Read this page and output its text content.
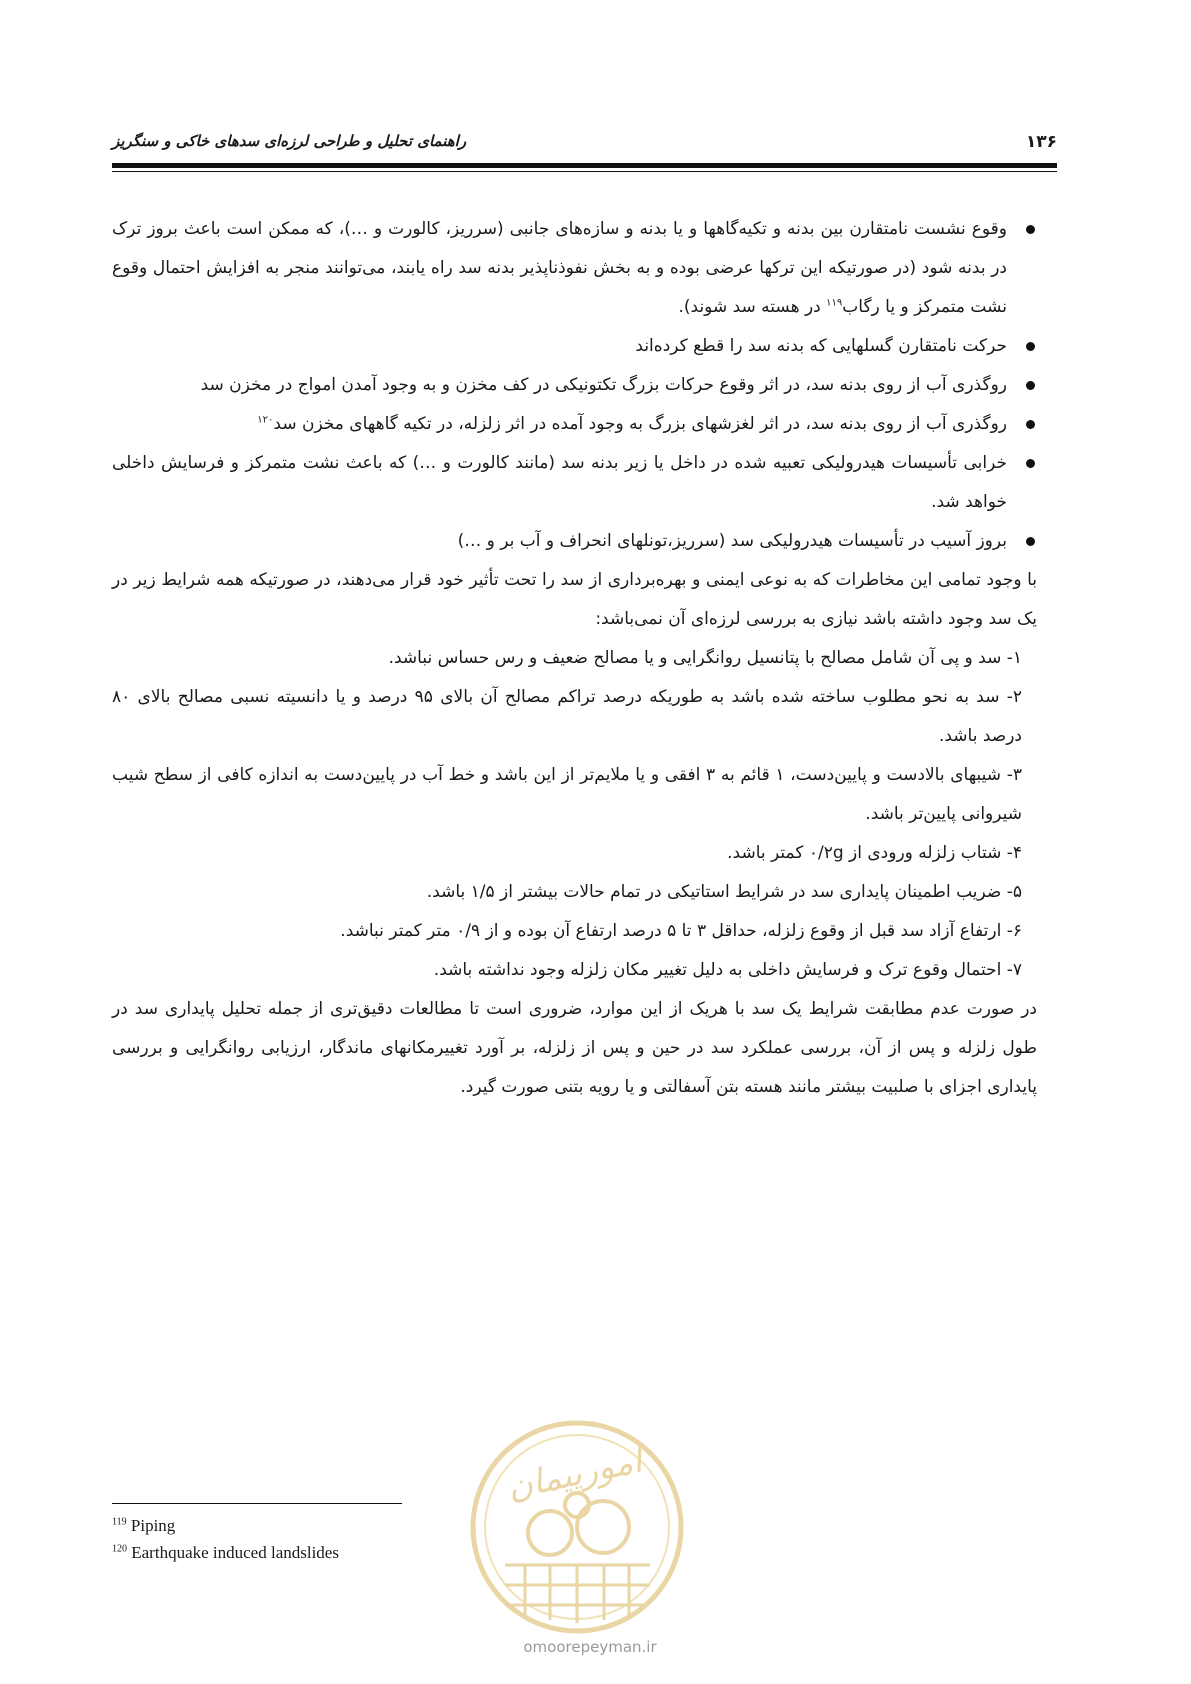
۱۳۶
راهنمای تحلیل و طراحی لرزه‌ای سدهای خاکی و سنگریز
وقوع نشست نامتقارن بین بدنه و تکیه‌گاهها و یا بدنه و سازه‌های جانبی (سرریز، کالورت و …)، که ممکن است باعث بروز ترک در بدنه شود (در صورتیکه این ترکها عرضی بوده و به بخش نفوذناپذیر بدنه سد راه یابند، می‌توانند منجر به افزایش احتمال وقوع نشت متمرکز و یا رگاب$^{۱۱۹}$ در هسته سد شوند).
حرکت نامتقارن گسلهایی که بدنه سد را قطع کرده‌اند
روگذری آب از روی بدنه سد، در اثر وقوع حرکات بزرگ تکتونیکی در کف مخزن و به وجود آمدن امواج در مخزن سد
روگذری آب از روی بدنه سد، در اثر لغزشهای بزرگ به وجود آمده در اثر زلزله، در تکیه گاههای مخزن سد$^{۱۲۰}$
خرابی تأسیسات هیدرولیکی تعبیه شده در داخل یا زیر بدنه سد (مانند کالورت و …) که باعث نشت متمرکز و فرسایش داخلی خواهد شد.
بروز آسیب در تأسیسات هیدرولیکی سد (سرریز،تونلهای انحراف و آب بر و …)

با وجود تمامی این مخاطرات که به نوعی ایمنی و بهره‌برداری از سد را تحت تأثیر خود قرار می‌دهند، در صورتیکه همه شرایط زیر در یک سد وجود داشته باشد نیازی به بررسی لرزه‌ای آن نمی‌باشد:

۱- سد و پی آن شامل مصالح با پتانسیل روانگرایی و یا مصالح ضعیف و رس حساس نباشد.
۲- سد به نحو مطلوب ساخته شده باشد به طوریکه درصد تراکم مصالح آن بالای ۹۵ درصد و یا دانسیته نسبی مصالح بالای ۸۰ درصد باشد.
۳- شیبهای بالادست و پایین‌دست، ۱ قائم به ۳ افقی و یا ملایم‌تر از این باشد و خط آب در پایین‌دست به اندازه کافی از سطح شیب شیروانی پایین‌تر باشد.
۴- شتاب زلزله ورودی از ۰/۲g کمتر باشد.
۵- ضریب اطمینان پایداری سد در شرایط استاتیکی در تمام حالات بیشتر از ۱/۵ باشد.
۶- ارتفاع آزاد سد قبل از وقوع زلزله، حداقل ۳ تا ۵ درصد ارتفاع آن بوده و از ۰/۹ متر کمتر نباشد.
۷- احتمال وقوع ترک و فرسایش داخلی به دلیل تغییر مکان زلزله وجود نداشته باشد.

در صورت عدم مطابقت شرایط یک سد با هریک از این موارد، ضروری است تا مطالعات دقیق‌تری از جمله تحلیل پایداری سد در طول زلزله و پس از آن، بررسی عملکرد سد در حین و پس از زلزله، بر آورد تغییرمکانهای ماندگار، ارزیابی روانگرایی و بررسی پایداری اجزای با صلبیت بیشتر مانند هسته بتن آسفالتی و یا رویه بتنی صورت گیرد.

امورپیمان
omoorepeyman.ir
$^{119}$ Piping
$^{120}$ Earthquake induced landslides
